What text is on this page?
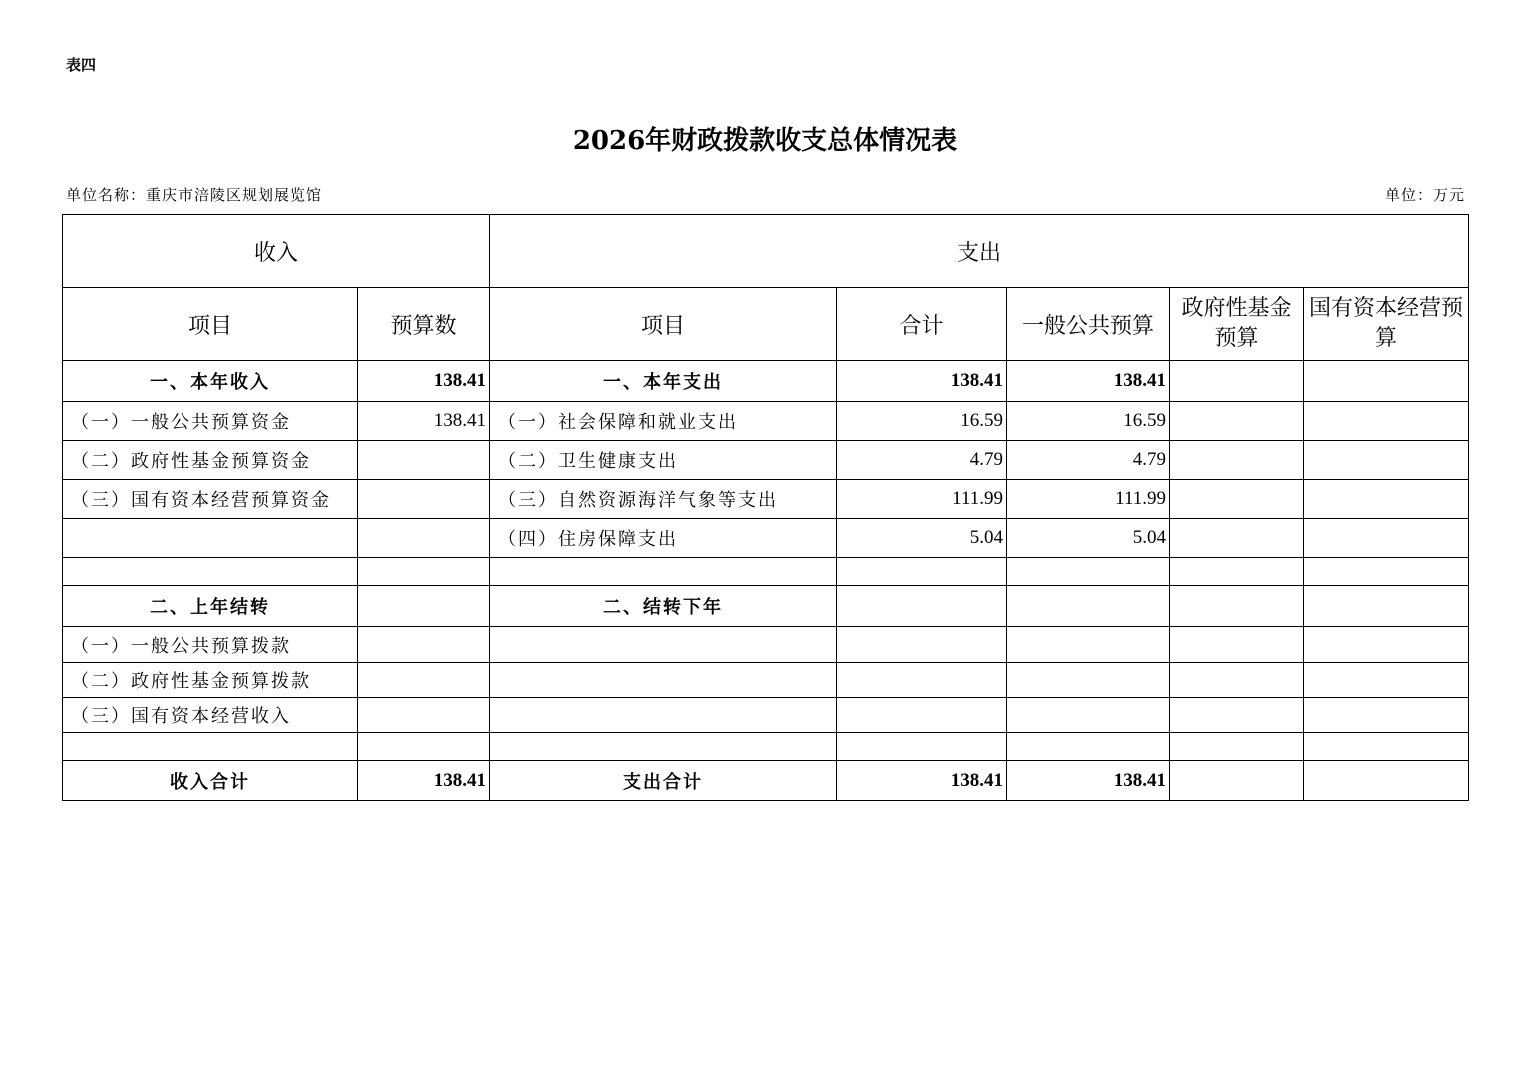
表四
2026年财政拨款收支总体情况表
单位名称：重庆市涪陵区规划展览馆	单位：万元
收入		支出				
项目	预算数	项目	合计	一般公共预算	政府性基金预算	国有资本经营预算
一、本年收入	138.41	一、本年支出	138.41	138.41		
（一）一般公共预算资金	138.41	（一）社会保障和就业支出	16.59	16.59		
（二）政府性基金预算资金		（二）卫生健康支出	4.79	4.79		
（三）国有资本经营预算资金		（三）自然资源海洋气象等支出	111.99	111.99		
		（四）住房保障支出	5.04	5.04		

二、上年结转		二、结转下年				
（一）一般公共预算拨款						
（二）政府性基金预算拨款						
（三）国有资本经营收入						

收入合计	138.41	支出合计	138.41	138.41		
